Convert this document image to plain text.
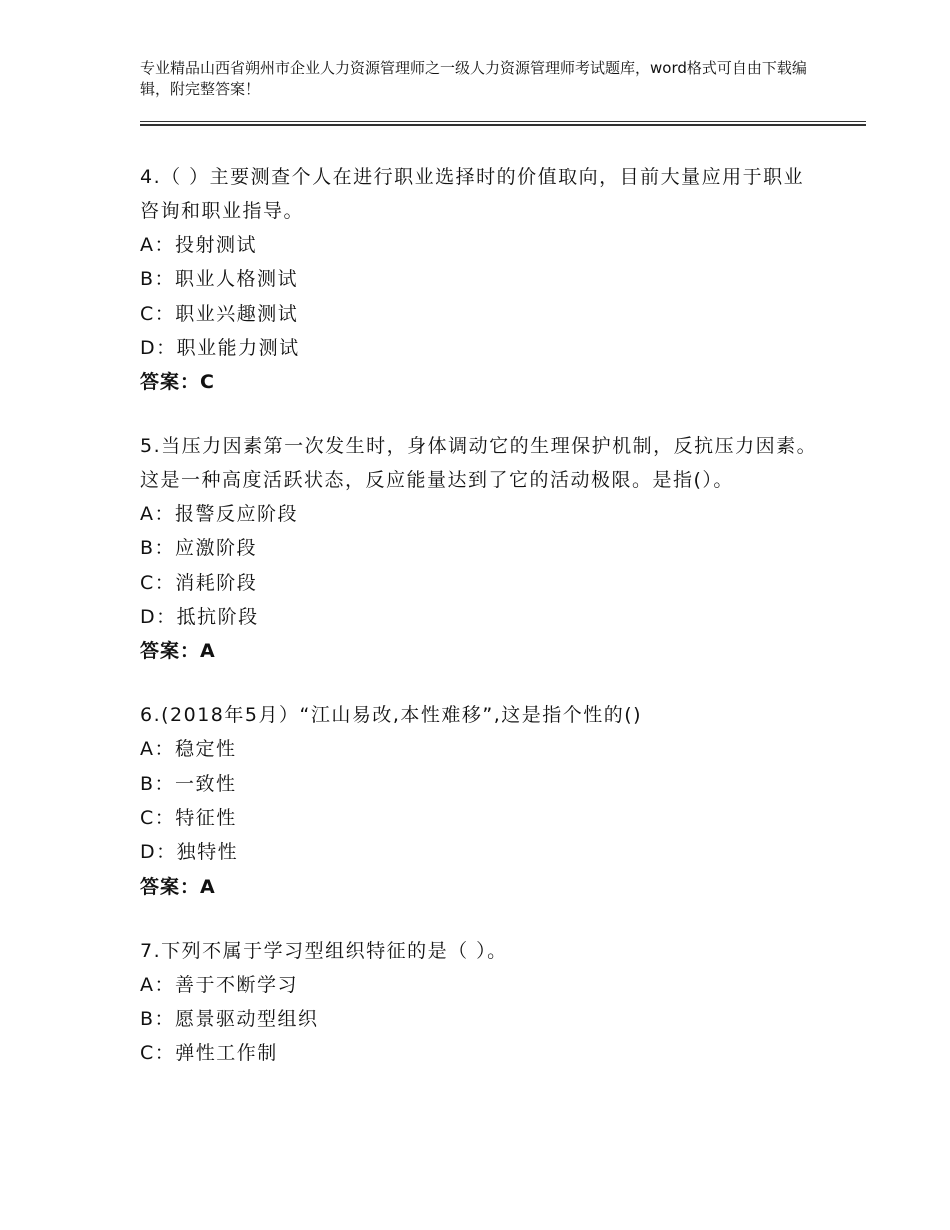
专业精品山西省朔州市企业人力资源管理师之一级人力资源管理师考试题库，word格式可自由下载编辑，附完整答案！
4.（ ）主要测查个人在进行职业选择时的价值取向，目前大量应用于职业咨询和职业指导。
A：投射测试
B：职业人格测试
C：职业兴趣测试
D：职业能力测试
答案：C
5.当压力因素第一次发生时，身体调动它的生理保护机制，反抗压力因素。这是一种高度活跃状态，反应能量达到了它的活动极限。是指(）。
A：报警反应阶段
B：应激阶段
C：消耗阶段
D：抵抗阶段
答案：A
6.(2018年5月）“江山易改,本性难移”,这是指个性的()
A：稳定性
B：一致性
C：特征性
D：独特性
答案：A
7.下列不属于学习型组织特征的是（ ）。
A：善于不断学习
B：愿景驱动型组织
C：弹性工作制
